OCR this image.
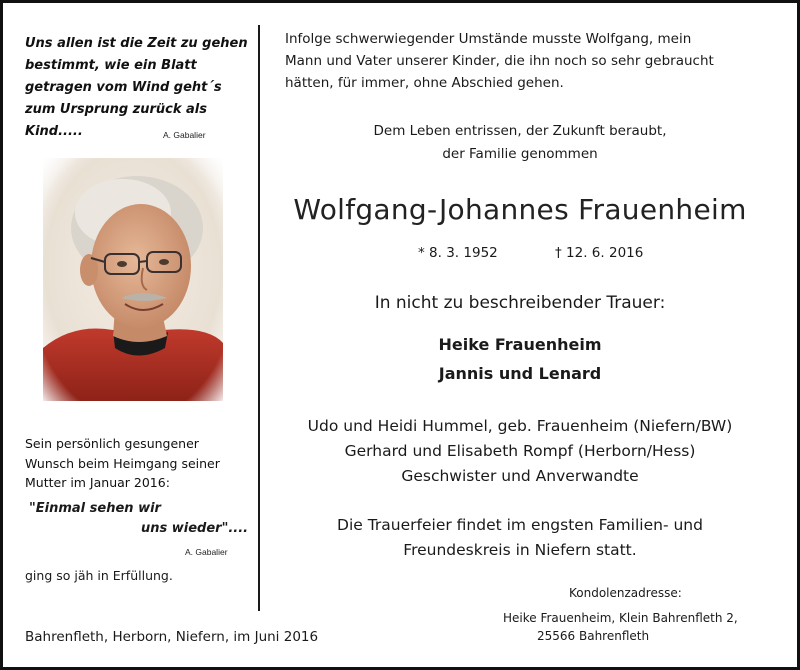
Uns allen ist die Zeit zu gehen
bestimmt, wie ein Blatt
getragen vom Wind geht´s
zum Ursprung zurück als
Kind.....	A. Gabalier
Sein persönlich gesungener
Wunsch beim Heimgang seiner
Mutter im Januar 2016:
"Einmal sehen wir
uns wieder"....
A. Gabalier
ging so jäh in Erfüllung.
Infolge schwerwiegender Umstände musste Wolfgang, mein
Mann und Vater unserer Kinder, die ihn noch so sehr gebraucht
hätten, für immer, ohne Abschied gehen.
Dem Leben entrissen, der Zukunft beraubt,
der Familie genommen
Wolfgang-Johannes Frauenheim
* 8. 3. 1952	† 12. 6. 2016
In nicht zu beschreibender Trauer:
Heike Frauenheim
Jannis und Lenard
Udo und Heidi Hummel, geb. Frauenheim (Niefern/BW)
Gerhard und Elisabeth Rompf (Herborn/Hess)
Geschwister und Anverwandte
Die Trauerfeier findet im engsten Familien- und
Freundeskreis in Niefern statt.
Kondolenzadresse:
Heike Frauenheim, Klein Bahrenfleth 2,
25566 Bahrenfleth
Bahrenfleth, Herborn, Niefern, im Juni 2016
